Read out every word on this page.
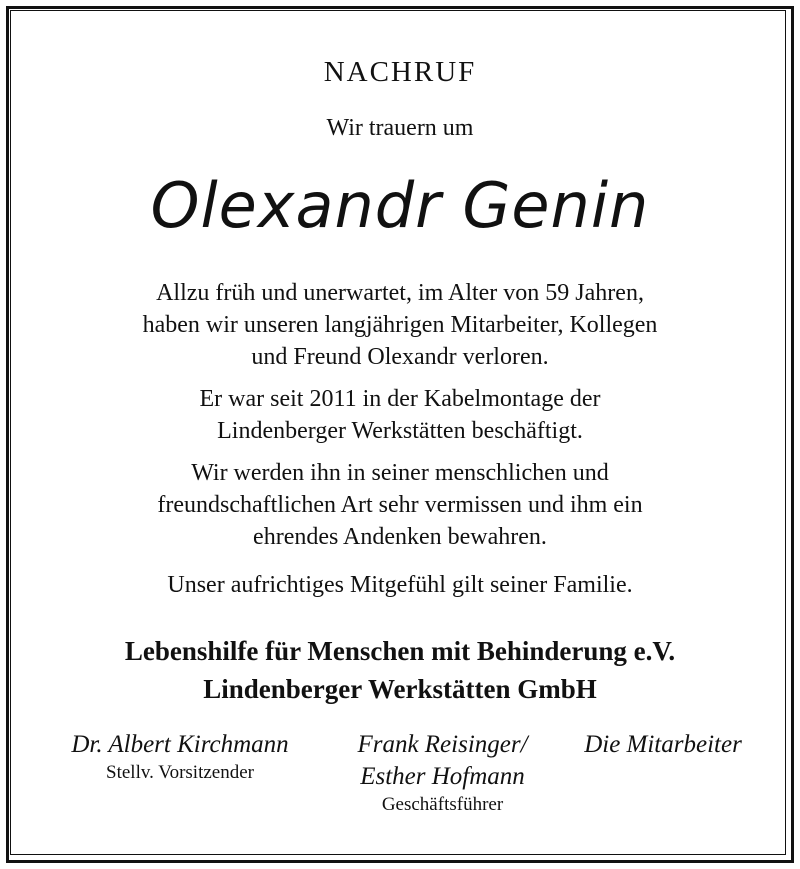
NACHRUF
Wir trauern um
Olexandr Genin
Allzu früh und unerwartet, im Alter von 59 Jahren,
haben wir unseren langjährigen Mitarbeiter, Kollegen
und Freund Olexandr verloren.
Er war seit 2011 in der Kabelmontage der
Lindenberger Werkstätten beschäftigt.
Wir werden ihn in seiner menschlichen und
freundschaftlichen Art sehr vermissen und ihm ein
ehrendes Andenken bewahren.
Unser aufrichtiges Mitgefühl gilt seiner Familie.
Lebenshilfe für Menschen mit Behinderung e.V.
Lindenberger Werkstätten GmbH
Dr. Albert Kirchmann
Stellv. Vorsitzender
Frank Reisinger/
Esther Hofmann
Geschäftsführer
Die Mitarbeiter
